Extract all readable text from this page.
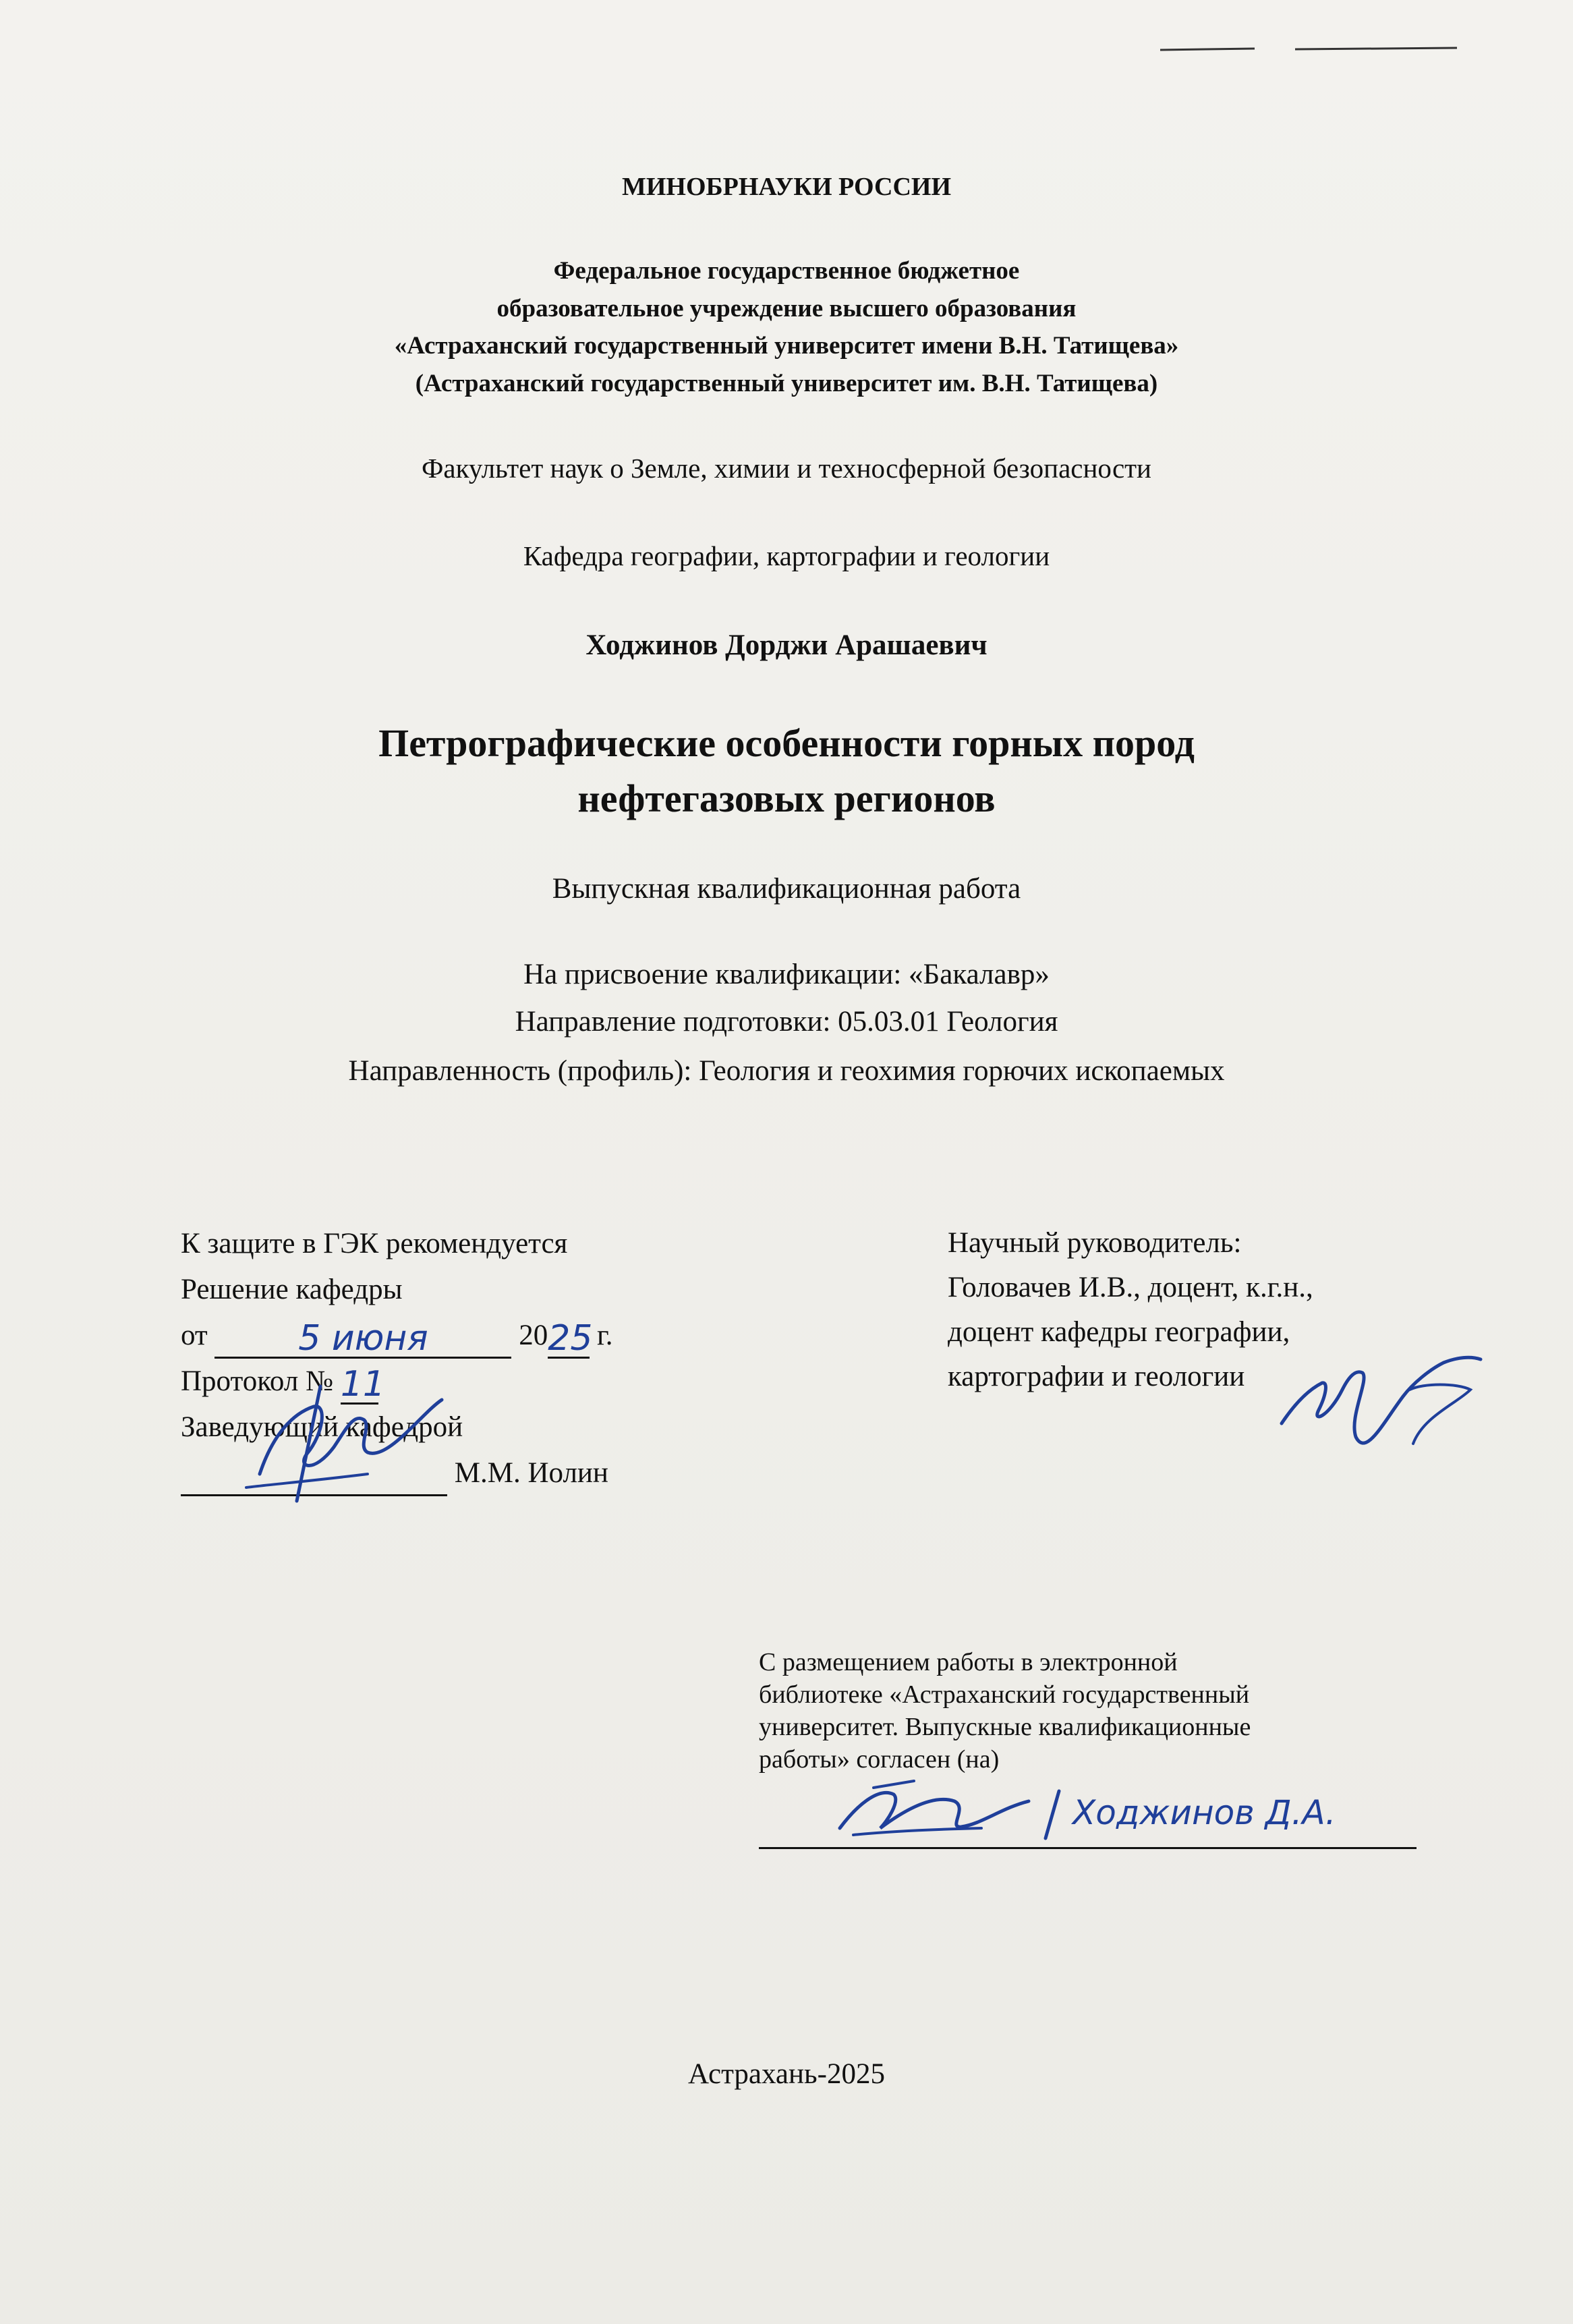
МИНОБРНАУКИ РОССИИ
Федеральное государственное бюджетное
образовательное учреждение высшего образования
«Астраханский государственный университет имени В.Н. Татищева»
(Астраханский государственный университет им. В.Н. Татищева)
Факультет наук о Земле, химии и техносферной безопасности
Кафедра географии, картографии и геологии
Ходжинов Дорджи Арашаевич
Петрографические особенности горных пород
нефтегазовых регионов
Выпускная квалификационная работа
На присвоение квалификации: «Бакалавр»
Направление подготовки: 05.03.01 Геология
Направленность (профиль): Геология и геохимия горючих ископаемых
К защите в ГЭК рекомендуется
Решение кафедры
от	5 июня	2025 г.
Протокол № 11
Заведующий кафедрой
М.М. Иолин
Научный руководитель:
Головачев И.В., доцент, к.г.н.,
доцент кафедры географии,
картографии и геологии
С размещением работы в электронной
библиотеке «Астраханский государственный
университет. Выпускные квалификационные
работы» согласен (на)
Ходжинов Д.А.
Астрахань-2025
